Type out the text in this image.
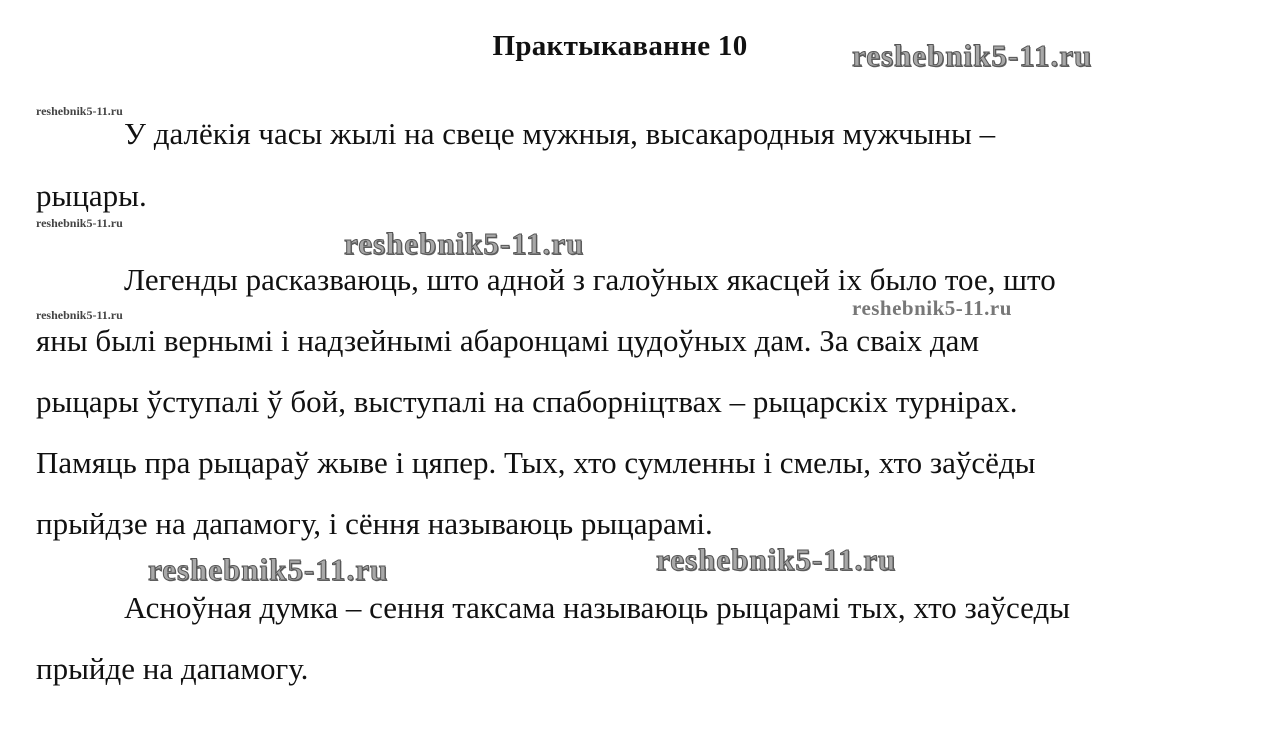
Практыкаванне 10
У далёкія часы жылі на свеце мужныя, высакародныя мужчыны –
рыцары.
Легенды расказваюць, што адной з галоўных якасцей іх было тое, што
яны былі вернымі і надзейнымі абаронцамі цудоўных дам. За сваіх дам
рыцары ўступалі ў бой, выступалі на спаборніцтвах – рыцарскіх турнірах.
Памяць пра рыцараў жыве і цяпер. Тых, хто сумленны і смелы, хто заўсёды
прыйдзе на дапамогу, і сёння называюць рыцарамі.
Асноўная думка – сення таксама называюць рыцарамі тых, хто заўседы
прыйде на дапамогу.
reshebnik5-11.ru
reshebnik5-11.ru
reshebnik5-11.ru
reshebnik5-11.ru
reshebnik5-11.ru
reshebnik5-11.ru
reshebnik5-11.ru	reshebnik5-11.ru
